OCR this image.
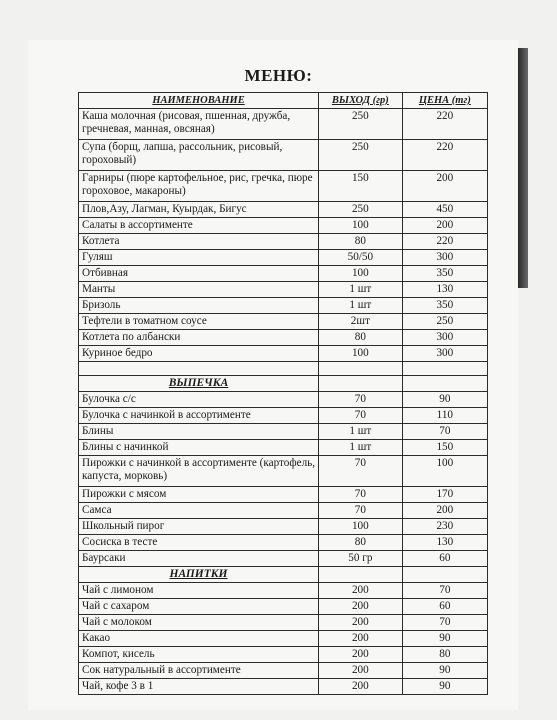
МЕНЮ:
НАИМЕНОВАНИЕ	ВЫХОД (гр)	ЦЕНА (тг)
Каша молочная (рисовая, пшенная, дружба, гречневая, манная, овсяная)	250	220
Супа (борщ, лапша, рассольник, рисовый, гороховый)	250	220
Гарниры (пюре картофельное, рис, гречка, пюре гороховое, макароны)	150	200
Плов,Азу, Лагман, Куырдак, Бигус	250	450
Салаты в ассортименте	100	200
Котлета	80	220
Гуляш	50/50	300
Отбивная	100	350
Манты	1 шт	130
Бризоль	1 шт	350
Тефтели в томатном соусе	2шт	250
Котлета по албански	80	300
Куриное бедро	100	300

ВЫПЕЧКА		
Булочка с/с	70	90
Булочка с начинкой в ассортименте	70	110
Блины	1 шт	70
Блины с начинкой	1 шт	150
Пирожки с начинкой в ассортименте (картофель, капуста, морковь)	70	100
Пирожки с мясом	70	170
Самса	70	200
Школьный пирог	100	230
Сосиска в тесте	80	130
Баурсаки	50 гр	60
НАПИТКИ		
Чай с лимоном	200	70
Чай с сахаром	200	60
Чай с молоком	200	70
Какао	200	90
Компот, кисель	200	80
Сок натуральный в ассортименте	200	90
Чай, кофе 3 в 1	200	90
